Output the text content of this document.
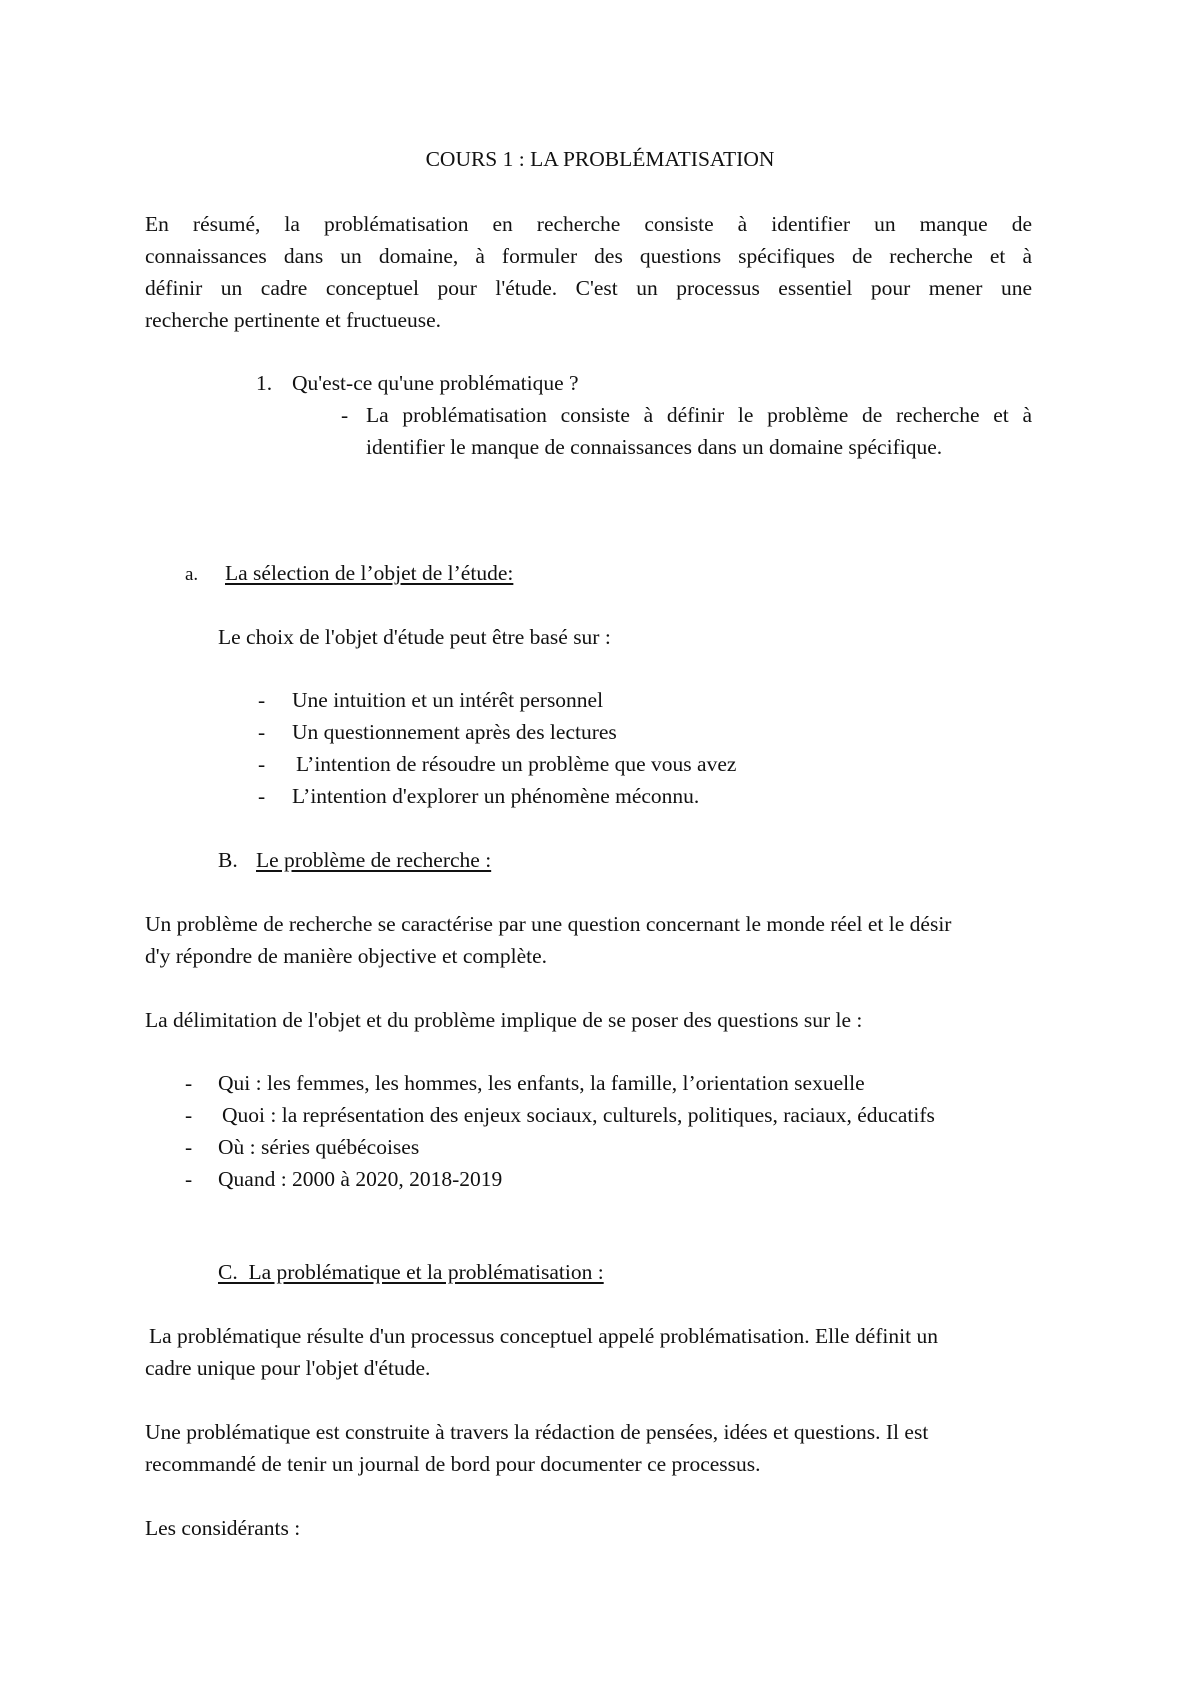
COURS 1 : LA PROBLÉMATISATION
En résumé, la problématisation en recherche consiste à identifier un manque de
connaissances dans un domaine, à formuler des questions spécifiques de recherche et à
définir un cadre conceptuel pour l'étude. C'est un processus essentiel pour mener une
recherche pertinente et fructueuse.
1. Qu'est-ce qu'une problématique ?
- La problématisation consiste à définir le problème de recherche et à
identifier le manque de connaissances dans un domaine spécifique.
a. La sélection de l’objet de l’étude:
Le choix de l'objet d'étude peut être basé sur :
- Une intuition et un intérêt personnel
- Un questionnement après des lectures
- L’intention de résoudre un problème que vous avez
- L’intention d'explorer un phénomène méconnu.
B. Le problème de recherche :
Un problème de recherche se caractérise par une question concernant le monde réel et le désir
d'y répondre de manière objective et complète.
La délimitation de l'objet et du problème implique de se poser des questions sur le :
- Qui : les femmes, les hommes, les enfants, la famille, l’orientation sexuelle
- Quoi : la représentation des enjeux sociaux, culturels, politiques, raciaux, éducatifs
- Où : séries québécoises
- Quand : 2000 à 2020, 2018-2019
C.  La problématique et la problématisation :
La problématique résulte d'un processus conceptuel appelé problématisation. Elle définit un
cadre unique pour l'objet d'étude.
Une problématique est construite à travers la rédaction de pensées, idées et questions. Il est
recommandé de tenir un journal de bord pour documenter ce processus.
Les considérants :
